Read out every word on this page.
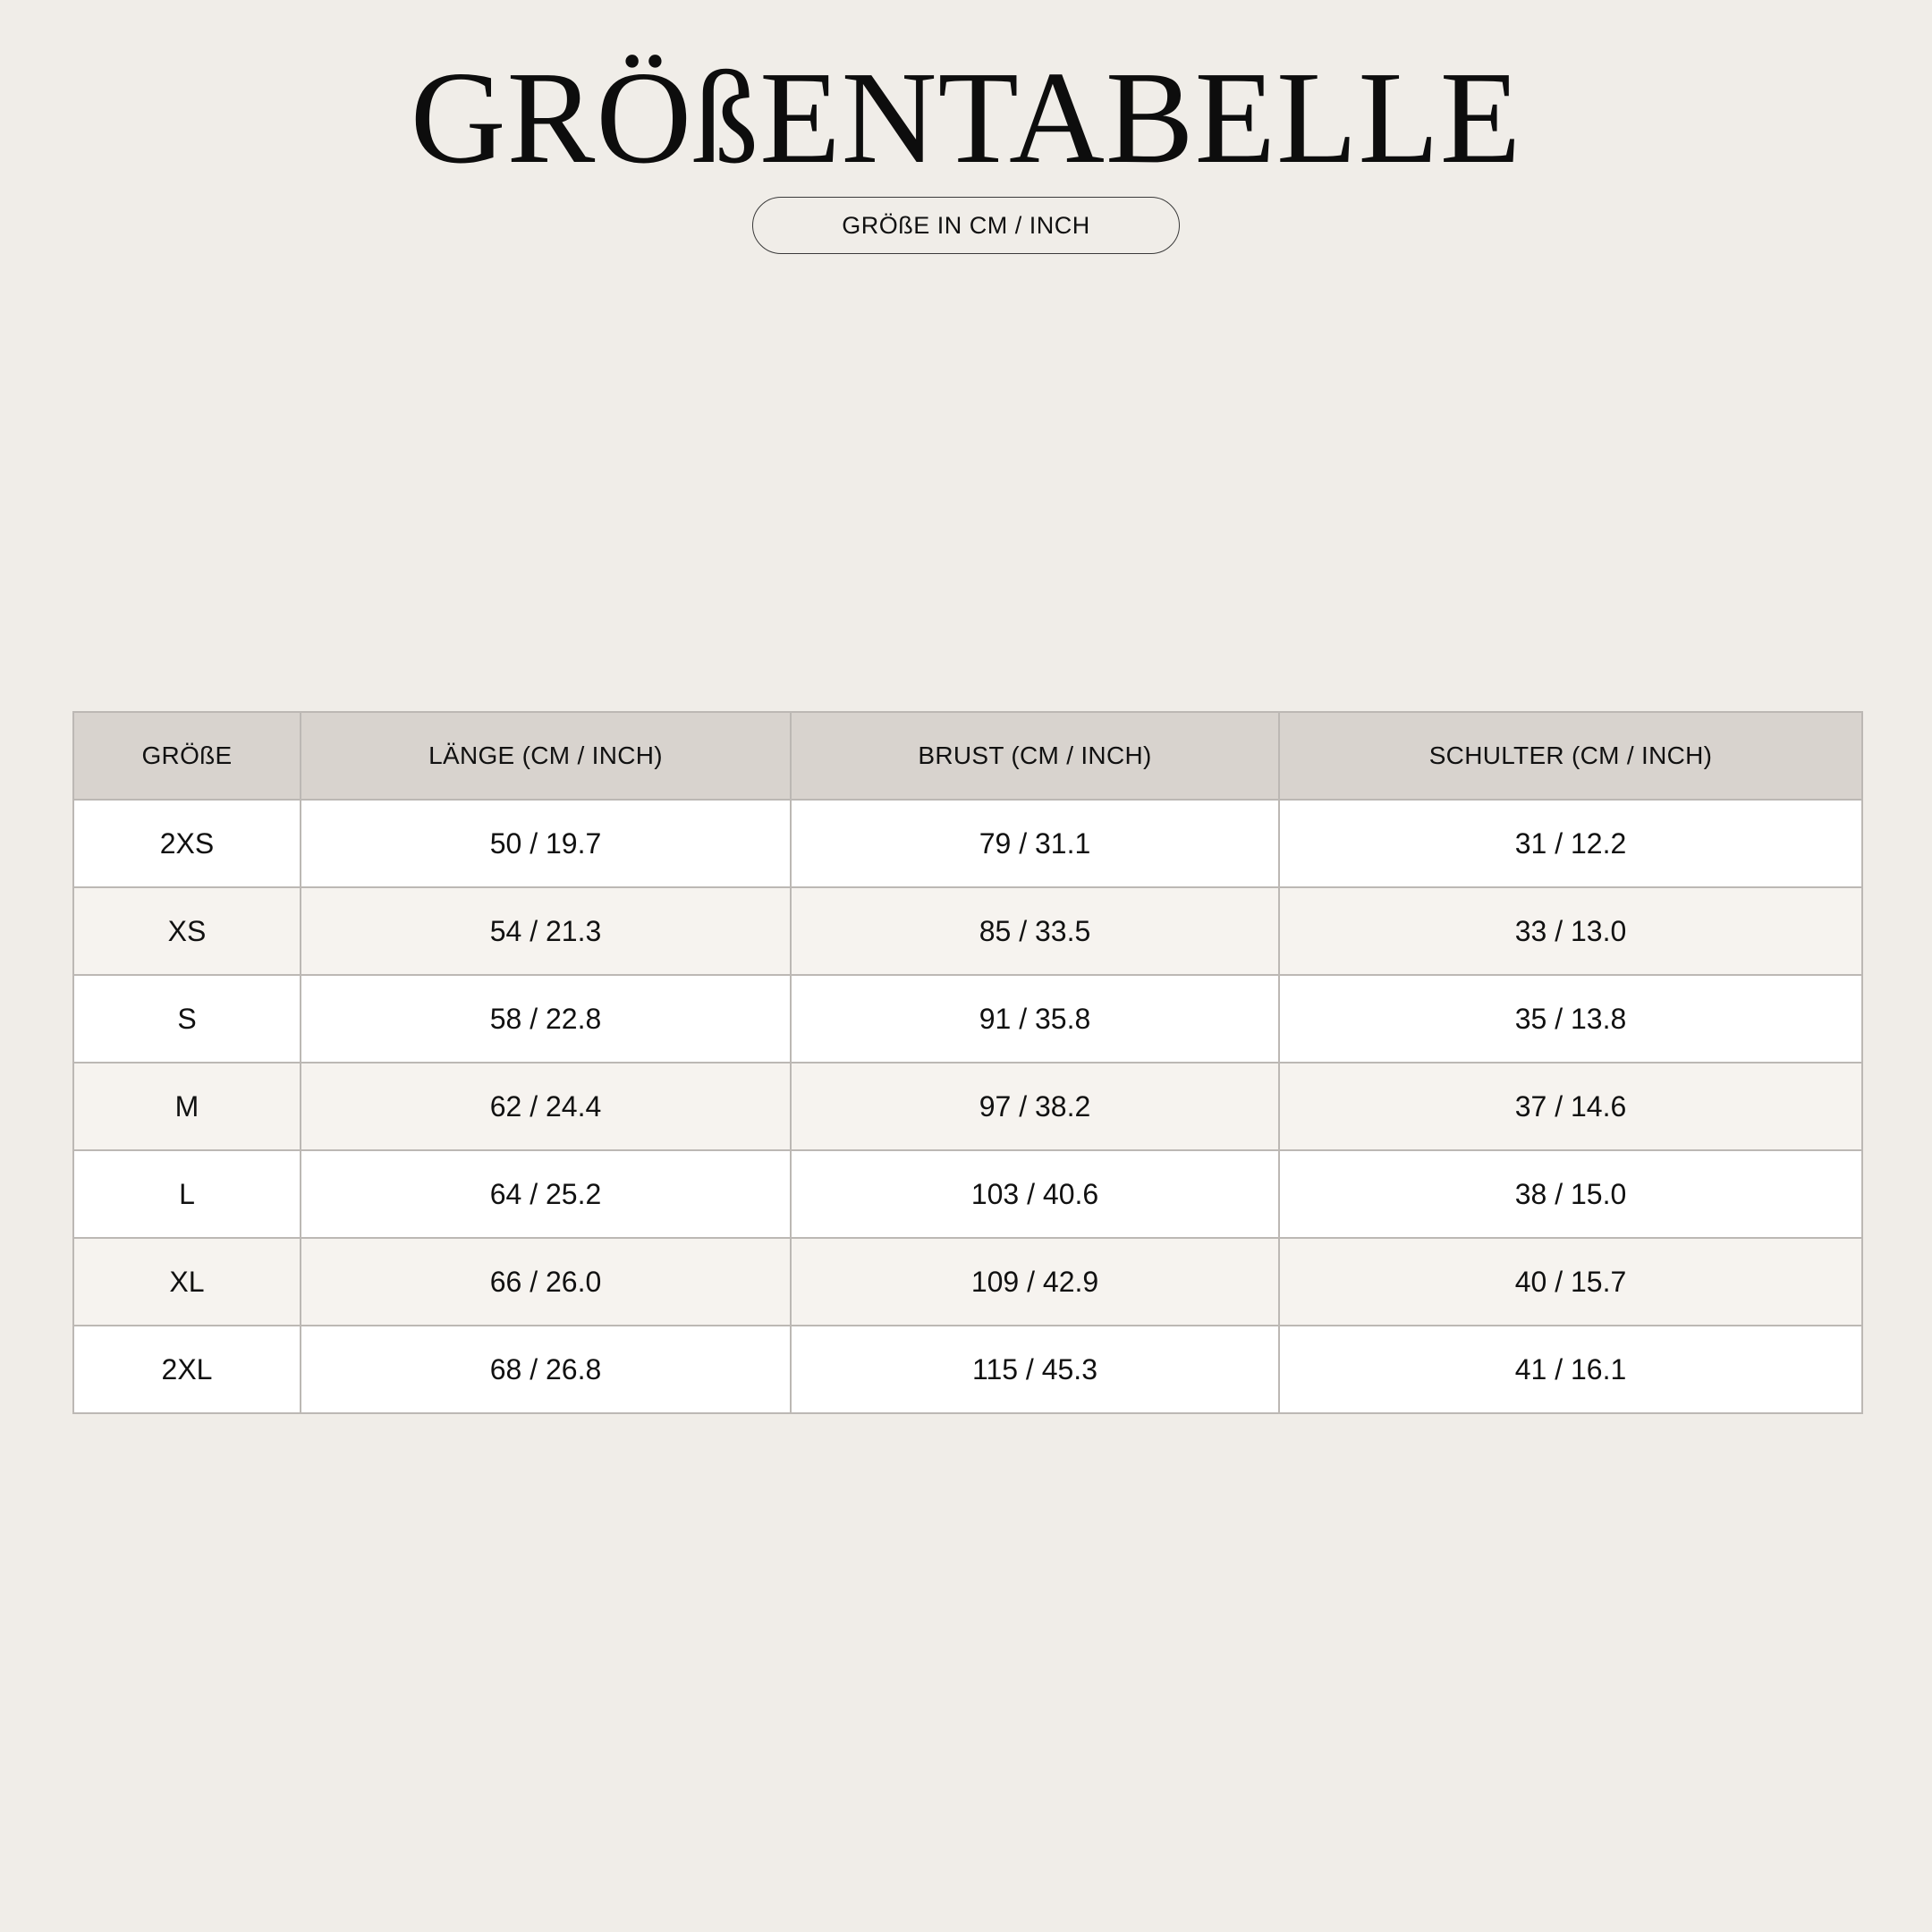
GRÖßENTABELLE
GRÖßE IN CM / INCH
GRÖßE	LÄNGE (CM / INCH)	BRUST (CM / INCH)	SCHULTER (CM / INCH)
2XS	50 / 19.7	79 / 31.1	31 / 12.2
XS	54 / 21.3	85 / 33.5	33 / 13.0
S	58 / 22.8	91 / 35.8	35 / 13.8
M	62 / 24.4	97 / 38.2	37 / 14.6
L	64 / 25.2	103 / 40.6	38 / 15.0
XL	66 / 26.0	109 / 42.9	40 / 15.7
2XL	68 / 26.8	115 / 45.3	41 / 16.1
